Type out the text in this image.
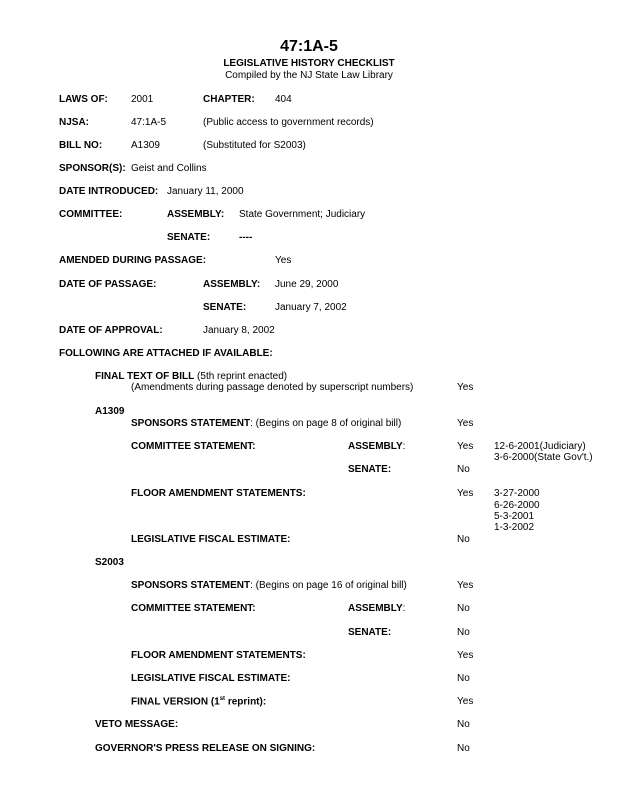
47:1A-5
LEGISLATIVE HISTORY CHECKLIST
Compiled by the NJ State Law Library
LAWS OF: 2001	CHAPTER: 404
NJSA:	47:1A-5	(Public access to government records)
BILL NO:	A1309	(Substituted for S2003)
SPONSOR(S): Geist and Collins
DATE INTRODUCED: January 11, 2000
COMMITTEE:	ASSEMBLY: State Government; Judiciary
SENATE:	----
AMENDED DURING PASSAGE:	Yes
DATE OF PASSAGE:	ASSEMBLY: June 29, 2000
SENATE:	January 7, 2002
DATE OF APPROVAL:	January 8, 2002
FOLLOWING ARE ATTACHED IF AVAILABLE:
FINAL TEXT OF BILL (5th reprint enacted)
(Amendments during passage denoted by superscript numbers)	Yes
A1309
SPONSORS STATEMENT: (Begins on page 8 of original bill)	Yes
COMMITTEE STATEMENT:	ASSEMBLY:	Yes 12-6-2001(Judiciary)
3-6-2000(State Gov't.)
SENATE:	No
FLOOR AMENDMENT STATEMENTS:	Yes 3-27-2000
6-26-2000
5-3-2001
1-3-2002
LEGISLATIVE FISCAL ESTIMATE:	No
S2003
SPONSORS STATEMENT: (Begins on page 16 of original bill)	Yes
COMMITTEE STATEMENT:	ASSEMBLY:	No
SENATE:	No
FLOOR AMENDMENT STATEMENTS:	Yes
LEGISLATIVE FISCAL ESTIMATE:	No
FINAL VERSION (1st reprint):	Yes
VETO MESSAGE:	No
GOVERNOR'S PRESS RELEASE ON SIGNING:	No
